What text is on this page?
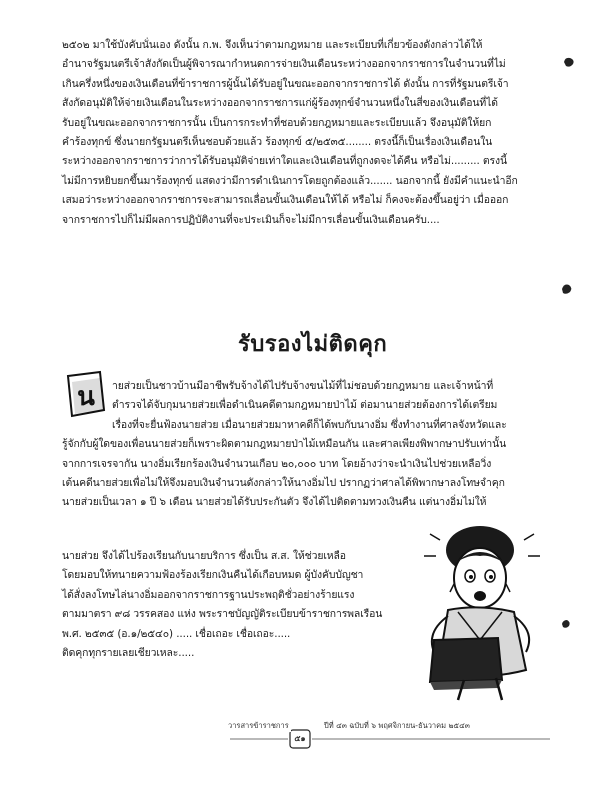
๒๕๐๒ มาใช้บังคับนั่นเอง ดังนั้น ก.พ. จึงเห็นว่าตามกฎหมาย และระเบียบที่เกี่ยวข้องดังกล่าวได้ให้
อำนาจรัฐมนตรีเจ้าสังกัดเป็นผู้พิจารณากำหนดการจ่ายเงินเดือนระหว่างออกจากราชการในจำนวนที่ไม่
เกินครึ่งหนึ่งของเงินเดือนที่ข้าราชการผู้นั้นได้รับอยู่ในขณะออกจากราชการได้ ดังนั้น การที่รัฐมนตรีเจ้า
สังกัดอนุมัติให้จ่ายเงินเดือนในระหว่างออกจากราชการแก่ผู้ร้องทุกข์จำนวนหนึ่งในสี่ของเงินเดือนที่ได้
รับอยู่ในขณะออกจากราชการนั้น เป็นการกระทำที่ชอบด้วยกฎหมายและระเบียบแล้ว จึงอนุมัติให้ยก
คำร้องทุกข์ ซึ่งนายกรัฐมนตรีเห็นชอบด้วยแล้ว ร้องทุกข์ ๕/๒๕๓๕........ ตรงนี้ก็เป็นเรื่องเงินเดือนใน
ระหว่างออกจากราชการว่าการได้รับอนุมัติจ่ายเท่าใดและเงินเดือนที่ถูกงดจะได้คืน หรือไม่......... ตรงนี้
ไม่มีการหยิบยกขึ้นมาร้องทุกข์ แสดงว่ามีการดำเนินการโดยถูกต้องแล้ว....... นอกจากนี้ ยังมีคำแนะนำอีก
เสมอว่าระหว่างออกจากราชการจะสามารถเลื่อนขั้นเงินเดือนให้ได้ หรือไม่ ก็คงจะต้องขึ้นอยู่ว่า เมื่อออก
จากราชการไปก็ไม่มีผลการปฏิบัติงานที่จะประเมินก็จะไม่มีการเลื่อนขั้นเงินเดือนครับ....
รับรองไม่ติดคุก
น	ายส่วยเป็นชาวบ้านมีอาชีพรับจ้างได้ไปรับจ้างขนไม้ที่ไม่ชอบด้วยกฎหมาย และเจ้าหน้าที่
ตำรวจได้จับกุมนายส่วยเพื่อดำเนินคดีตามกฎหมายป่าไม้ ต่อมานายส่วยต้องการได้เตรียม
เรื่องที่จะยื่นฟ้องนายส่วย เมื่อนายส่วยมาหาคดีก็ได้พบกับนางอิ่ม ซึ่งทำงานที่ศาลจังหวัดและ
รู้จักกับผู้ใดของเพื่อนนายส่วยก็เพราะผิดตามกฎหมายป่าไม้เหมือนกัน และศาลเพียงพิพากษาปรับเท่านั้น
จากการเจรจากัน นางอิ่มเรียกร้องเงินจำนวนเกือบ ๒๐,๐๐๐ บาท โดยอ้างว่าจะนำเงินไปช่วยเหลือวิ่ง
เต้นคดีนายส่วยเพื่อไม่ให้จึงมอบเงินจำนวนดังกล่าวให้นางอิ่มไป ปรากฏว่าศาลได้พิพากษาลงโทษจำคุก
นายส่วยเป็นเวลา ๑ ปี ๖ เดือน นายส่วยได้รับประกันตัว จึงได้ไปติดตามทวงเงินคืน แต่นางอิ่มไม่ให้
นายส่วย จึงได้ไปร้องเรียนกับนายบริการ ซึ่งเป็น ส.ส. ให้ช่วยเหลือ
โดยมอบให้ทนายความฟ้องร้องเรียกเงินคืนได้เกือบหมด ผู้บังคับบัญชา
ได้สั่งลงโทษไล่นางอิ่มออกจากราชการฐานประพฤติชั่วอย่างร้ายแรง
ตามมาตรา ๙๘ วรรคสอง แห่ง พระราชบัญญัติระเบียบข้าราชการพลเรือน
พ.ศ. ๒๕๓๕ (อ.๑/๒๕๔๐) ..... เชื่อเถอะ เชื่อเถอะ.....
ติดคุกทุกรายเลยเชียวเหละ.....
วารสารข้าราชการ
๕๑
ปีที่ ๔๓ ฉบับที่ ๖ พฤศจิกายน-ธันวาคม ๒๕๔๓
